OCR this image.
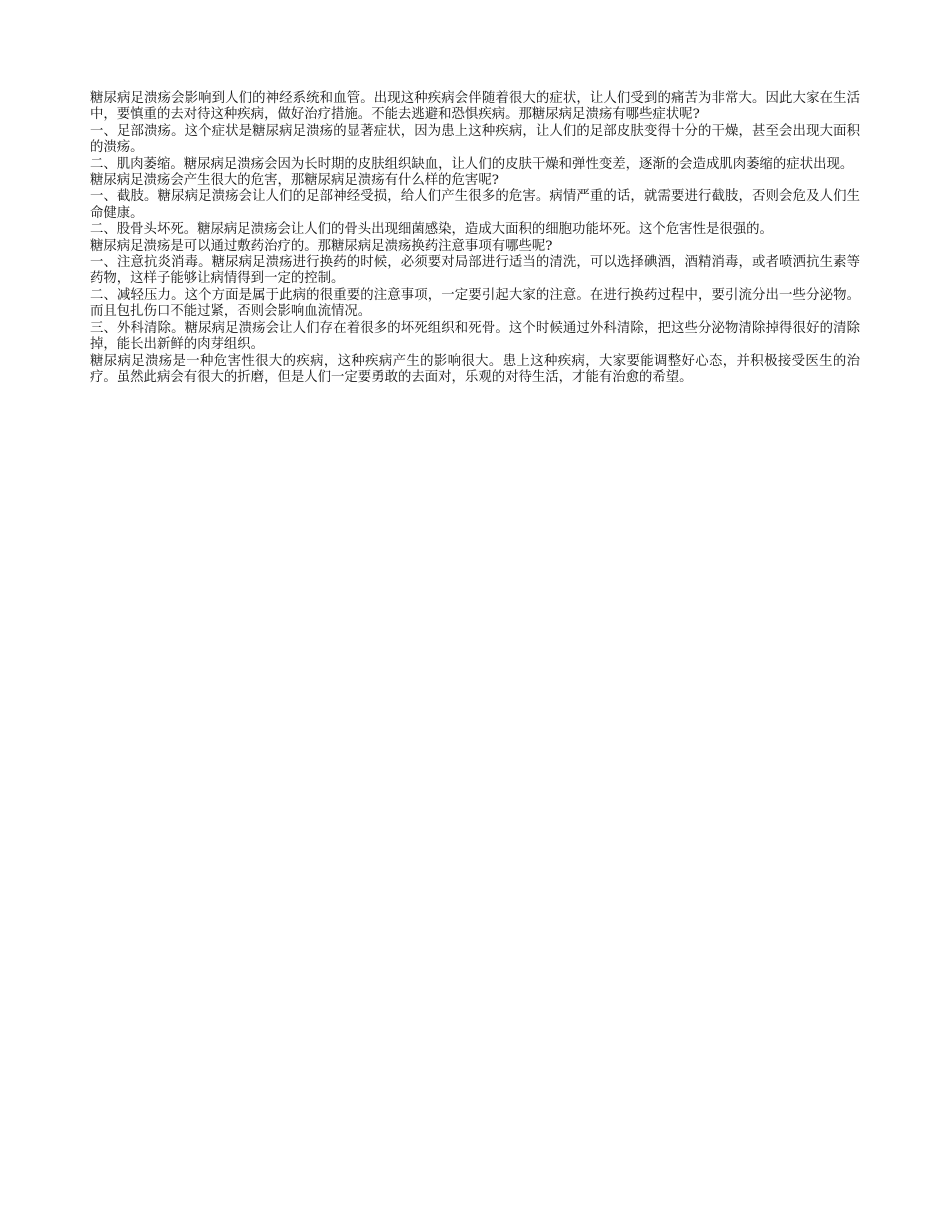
糖尿病足溃疡会影响到人们的神经系统和血管。出现这种疾病会伴随着很大的症状，让人们受到的痛苦为非常大。因此大家在生活中，要慎重的去对待这种疾病，做好治疗措施。不能去逃避和恐惧疾病。那糖尿病足溃疡有哪些症状呢?

一、足部溃疡。这个症状是糖尿病足溃疡的显著症状，因为患上这种疾病，让人们的足部皮肤变得十分的干燥，甚至会出现大面积的溃疡。

二、肌肉萎缩。糖尿病足溃疡会因为长时期的皮肤组织缺血，让人们的皮肤干燥和弹性变差，逐渐的会造成肌肉萎缩的症状出现。

糖尿病足溃疡会产生很大的危害，那糖尿病足溃疡有什么样的危害呢?

一、截肢。糖尿病足溃疡会让人们的足部神经受损，给人们产生很多的危害。病情严重的话，就需要进行截肢，否则会危及人们生命健康。

二、股骨头坏死。糖尿病足溃疡会让人们的骨头出现细菌感染，造成大面积的细胞功能坏死。这个危害性是很强的。

糖尿病足溃疡是可以通过敷药治疗的。那糖尿病足溃疡换药注意事项有哪些呢?

一、注意抗炎消毒。糖尿病足溃疡进行换药的时候，必须要对局部进行适当的清洗，可以选择碘酒，酒精消毒，或者喷洒抗生素等药物，这样子能够让病情得到一定的控制。

二、减轻压力。这个方面是属于此病的很重要的注意事项，一定要引起大家的注意。在进行换药过程中，要引流分出一些分泌物。而且包扎伤口不能过紧，否则会影响血流情况。

三、外科清除。糖尿病足溃疡会让人们存在着很多的坏死组织和死骨。这个时候通过外科清除，把这些分泌物清除掉得很好的清除掉，能长出新鲜的肉芽组织。

糖尿病足溃疡是一种危害性很大的疾病，这种疾病产生的影响很大。患上这种疾病，大家要能调整好心态，并积极接受医生的治疗。虽然此病会有很大的折磨，但是人们一定要勇敢的去面对，乐观的对待生活，才能有治愈的希望。
